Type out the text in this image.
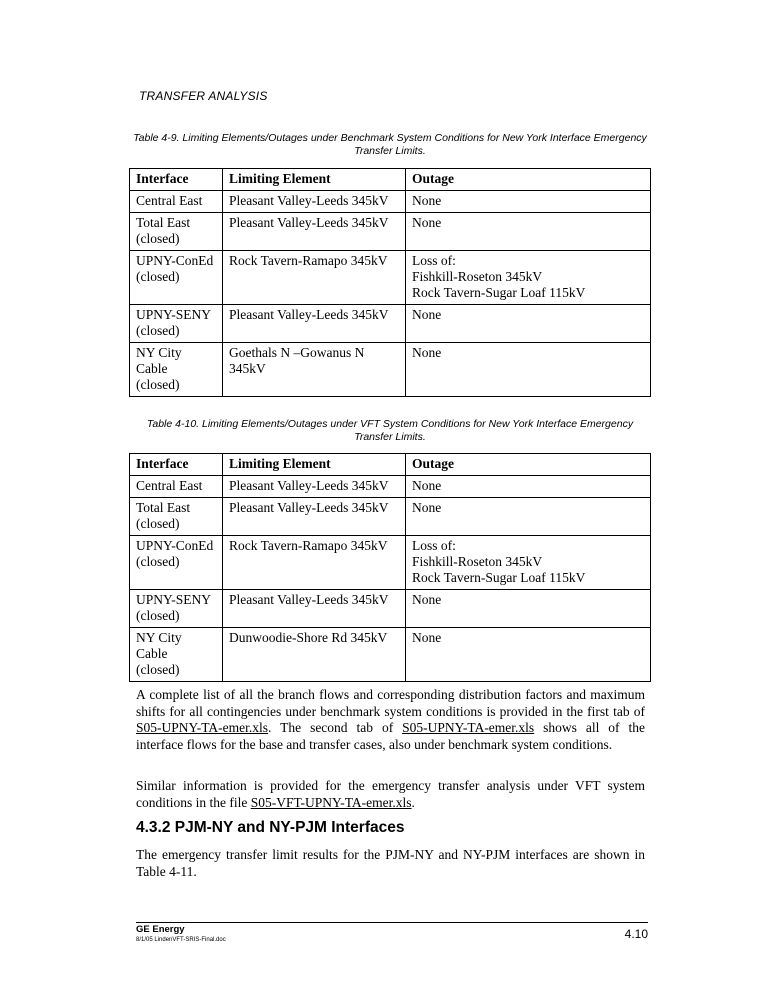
TRANSFER ANALYSIS
Table 4-9. Limiting Elements/Outages under Benchmark System Conditions for New York Interface Emergency Transfer Limits.
Interface	Limiting Element	Outage

Central East	Pleasant Valley-Leeds 345kV	None

Total East
(closed)	Pleasant Valley-Leeds 345kV	None

UPNY-ConEd
(closed)	Rock Tavern-Ramapo 345kV	Loss of:
Fishkill-Roseton 345kV
Rock Tavern-Sugar Loaf 115kV

UPNY-SENY
(closed)	Pleasant Valley-Leeds 345kV	None

NY City Cable
(closed)	Goethals N –Gowanus N 345kV	None
Table 4-10. Limiting Elements/Outages under VFT System Conditions for New York Interface Emergency Transfer Limits.
Interface	Limiting Element	Outage

Central East	Pleasant Valley-Leeds 345kV	None

Total East
(closed)	Pleasant Valley-Leeds 345kV	None

UPNY-ConEd
(closed)	Rock Tavern-Ramapo 345kV	Loss of:
Fishkill-Roseton 345kV
Rock Tavern-Sugar Loaf 115kV

UPNY-SENY
(closed)	Pleasant Valley-Leeds 345kV	None

NY City Cable
(closed)	Dunwoodie-Shore Rd 345kV	None
A complete list of all the branch flows and corresponding distribution factors and maximum shifts for all contingencies under benchmark system conditions is provided in the first tab of S05-UPNY-TA-emer.xls. The second tab of S05-UPNY-TA-emer.xls shows all of the interface flows for the base and transfer cases, also under benchmark system conditions.
Similar information is provided for the emergency transfer analysis under VFT system conditions in the file S05-VFT-UPNY-TA-emer.xls.
4.3.2 PJM-NY and NY-PJM Interfaces
The emergency transfer limit results for the PJM-NY and NY-PJM interfaces are shown in Table 4-11.
GE Energy
8/1/05 LindenVFT-SRIS-Final.doc	4.10
